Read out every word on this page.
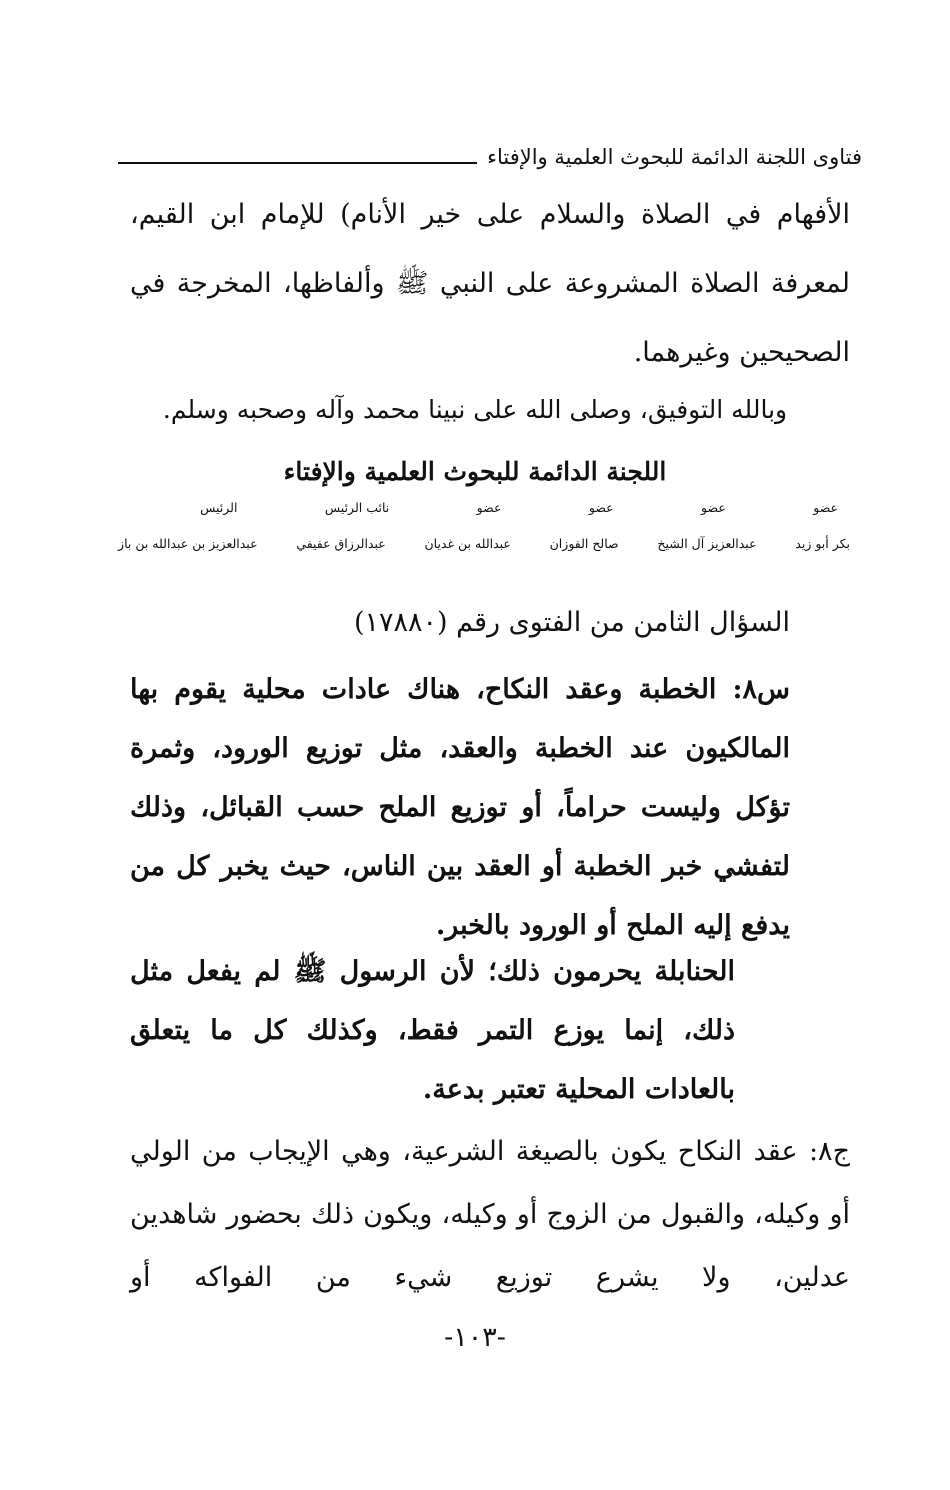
فتاوى اللجنة الدائمة للبحوث العلمية والإفتاء

الأفهام في الصلاة والسلام على خير الأنام) للإمام ابن القيم، لمعرفة الصلاة المشروعة على النبي ﷺ وألفاظها، المخرجة في الصحيحين وغيرهما.

وبالله التوفيق، وصلى الله على نبينا محمد وآله وصحبه وسلم.
اللجنة الدائمة للبحوث العلمية والإفتاء
عضو
عضو
عضو
عضو
نائب الرئيس
الرئيس
بكر أبو زيد
عبدالعزيز آل الشيخ
صالح الفوزان
عبدالله بن غديان
عبدالرزاق عفيفي
عبدالعزيز بن عبدالله بن باز
السؤال الثامن من الفتوى رقم (١٧٨٨٠)

س٨: الخطبة وعقد النكاح، هناك عادات محلية يقوم بها المالكيون عند الخطبة والعقد، مثل توزيع الورود، وثمرة تؤكل وليست حراماً، أو توزيع الملح حسب القبائل، وذلك لتفشي خبر الخطبة أو العقد بين الناس، حيث يخبر كل من يدفع إليه الملح أو الورود بالخبر.

الحنابلة يحرمون ذلك؛ لأن الرسول ﷺ لم يفعل مثل ذلك، إنما يوزع التمر فقط، وكذلك كل ما يتعلق بالعادات المحلية تعتبر بدعة.

ج٨: عقد النكاح يكون بالصيغة الشرعية، وهي الإيجاب من الولي أو وكيله، والقبول من الزوج أو وكيله، ويكون ذلك بحضور شاهدين عدلين، ولا يشرع توزيع شيء من الفواكه أو

-١٠٣-
